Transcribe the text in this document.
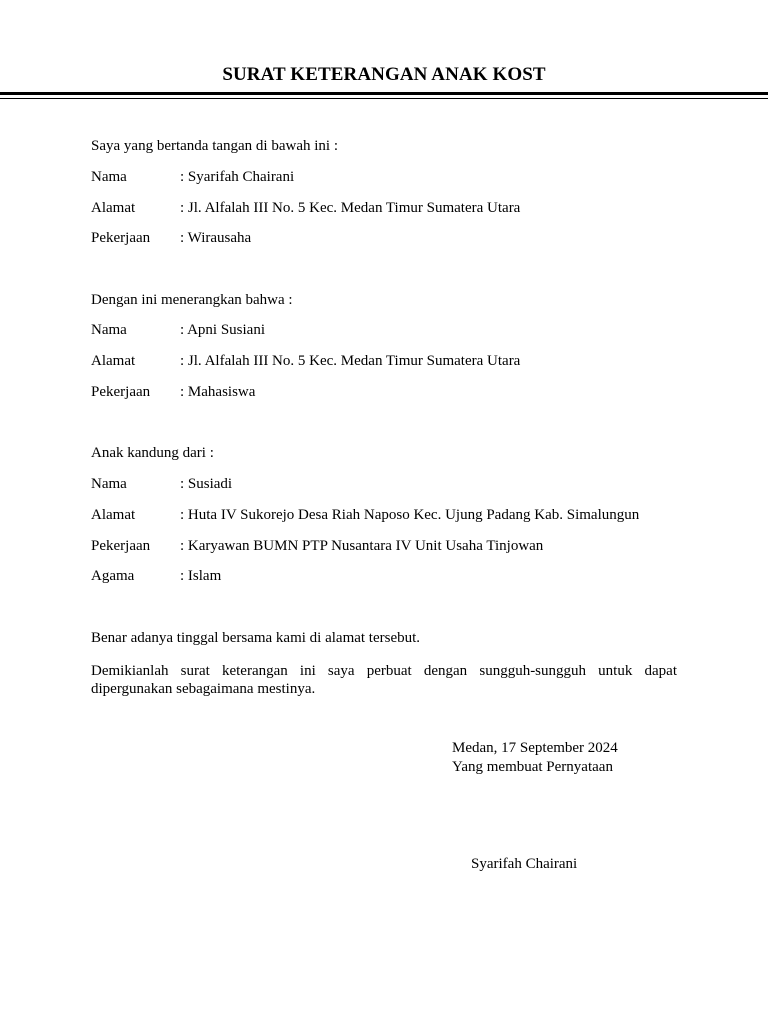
SURAT KETERANGAN ANAK KOST
Saya yang bertanda tangan di bawah ini :
Nama	: Syarifah Chairani
Alamat	: Jl. Alfalah III No. 5 Kec. Medan Timur Sumatera Utara
Pekerjaan : Wirausaha
Dengan ini menerangkan bahwa :
Nama	: Apni Susiani
Alamat	: Jl. Alfalah III No. 5 Kec. Medan Timur Sumatera Utara
Pekerjaan : Mahasiswa
Anak kandung dari :
Nama	: Susiadi
Alamat	: Huta IV Sukorejo Desa Riah Naposo Kec. Ujung Padang Kab. Simalungun
Pekerjaan : Karyawan BUMN PTP Nusantara IV Unit Usaha Tinjowan
Agama	: Islam
Benar adanya tinggal bersama kami di alamat tersebut.
Demikianlah surat keterangan ini saya perbuat dengan sungguh-sungguh untuk dapat dipergunakan sebagaimana mestinya.
Medan, 17 September 2024
Yang membuat Pernyataan
Syarifah Chairani
